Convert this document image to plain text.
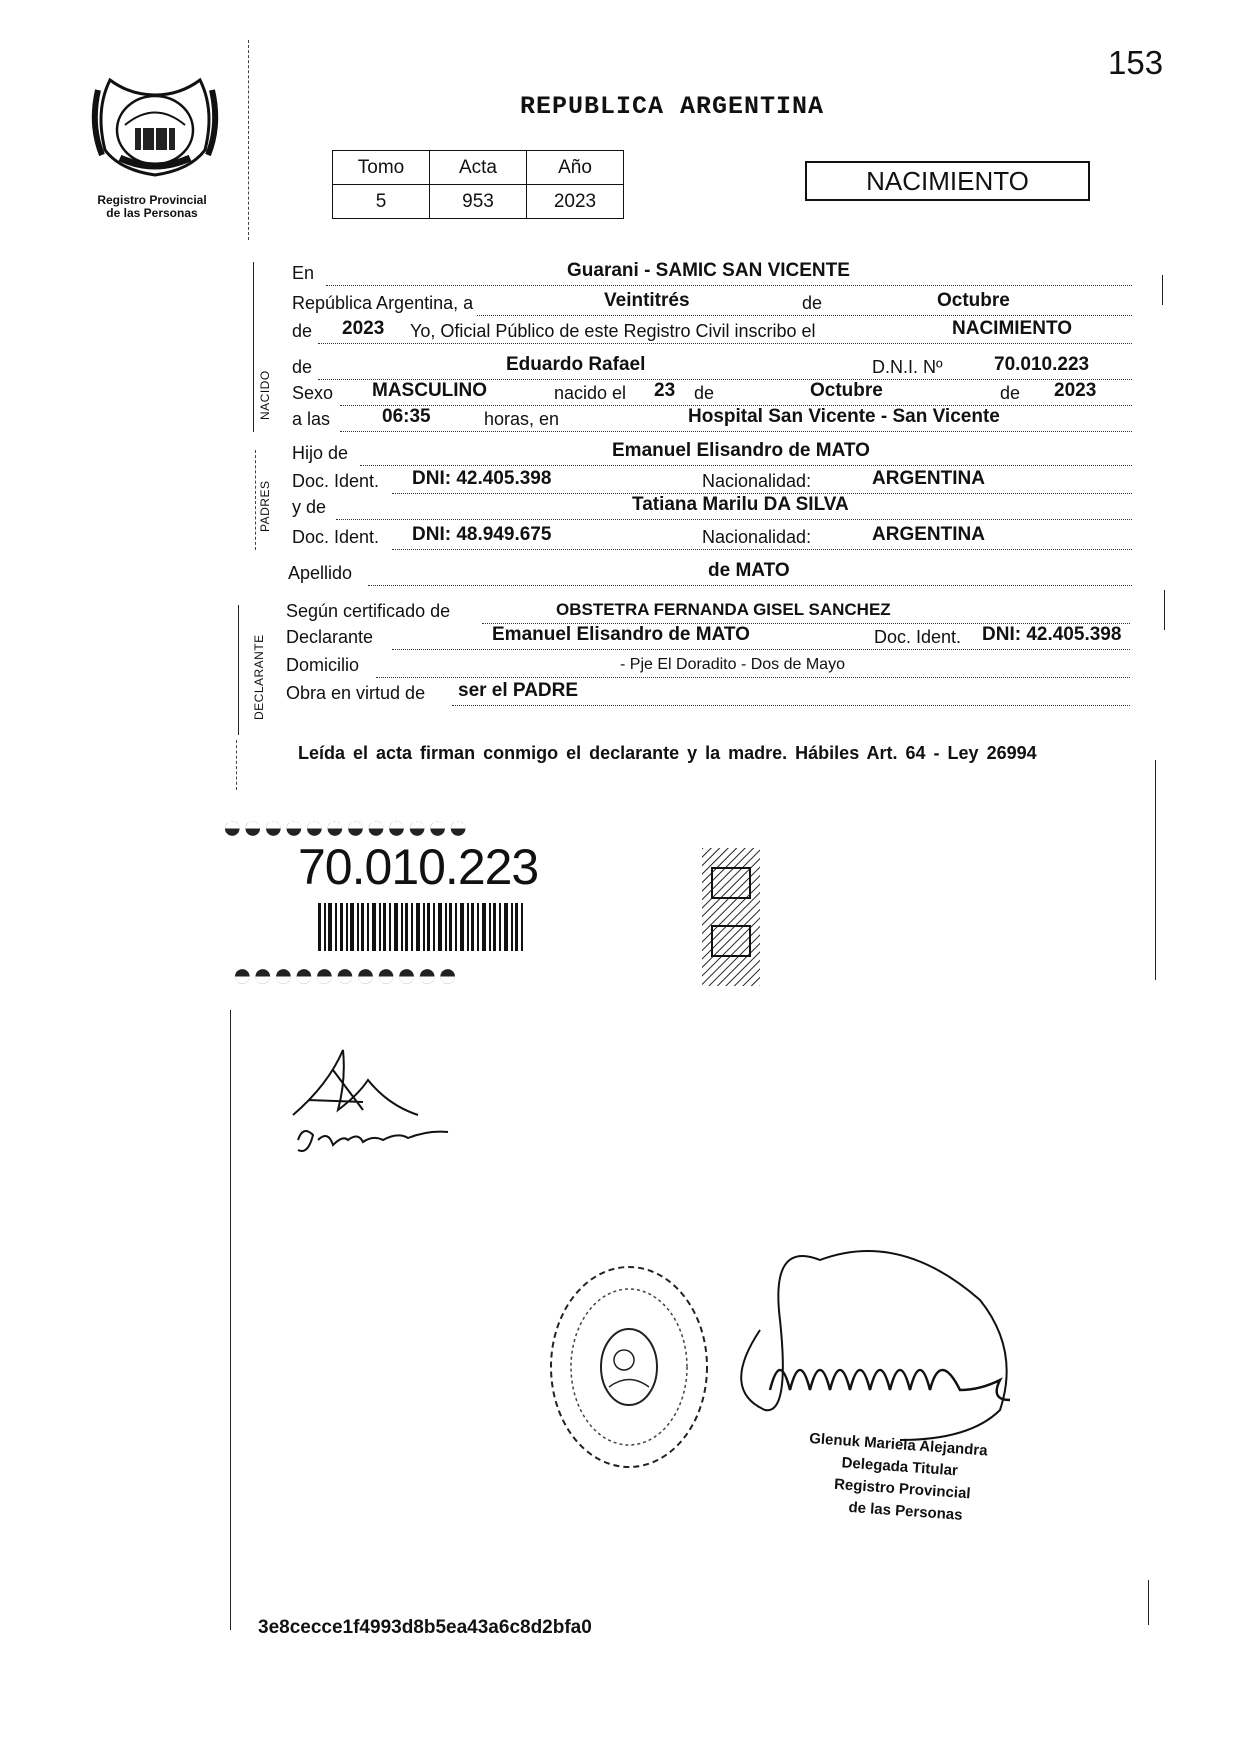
153
REPUBLICA ARGENTINA
Registro Provincial
de las Personas
Tomo	Acta	Año
5	953	2023
NACIMIENTO
NACIDO
PADRES
DECLARANTE
En	Guarani - SAMIC SAN VICENTE
República Argentina, a	Veintitrés	de	Octubre
de 2023 Yo, Oficial Público de este Registro Civil inscribo el	NACIMIENTO
de	Eduardo Rafael	D.N.I. Nº	70.010.223
Sexo MASCULINO	nacido el 23 de	Octubre	de 2023
a las	06:35	horas, en	Hospital San Vicente - San Vicente
Hijo de	Emanuel Elisandro de MATO
Doc. Ident. DNI: 42.405.398	Nacionalidad:	ARGENTINA
y de	Tatiana Marilu DA SILVA
Doc. Ident. DNI: 48.949.675	Nacionalidad:	ARGENTINA
Apellido	de MATO
Según certificado de	OBSTETRA FERNANDA GISEL SANCHEZ
Declarante	Emanuel Elisandro de MATO	Doc. Ident. DNI: 42.405.398
Domicilio	- Pje El Doradito - Dos de Mayo
Obra en virtud de ser el PADRE
Leída el acta firman conmigo el declarante y la madre. Hábiles Art. 64 - Ley 26994
◒◒◒◒◒◒◒◒◒◒◒◒
◓◓◓◓◓◓◓◓◓◓◓
70.010.223
Glenuk Mariela Alejandra
Delegada Titular
Registro Provincial
de las Personas
3e8cecce1f4993d8b5ea43a6c8d2bfa0
